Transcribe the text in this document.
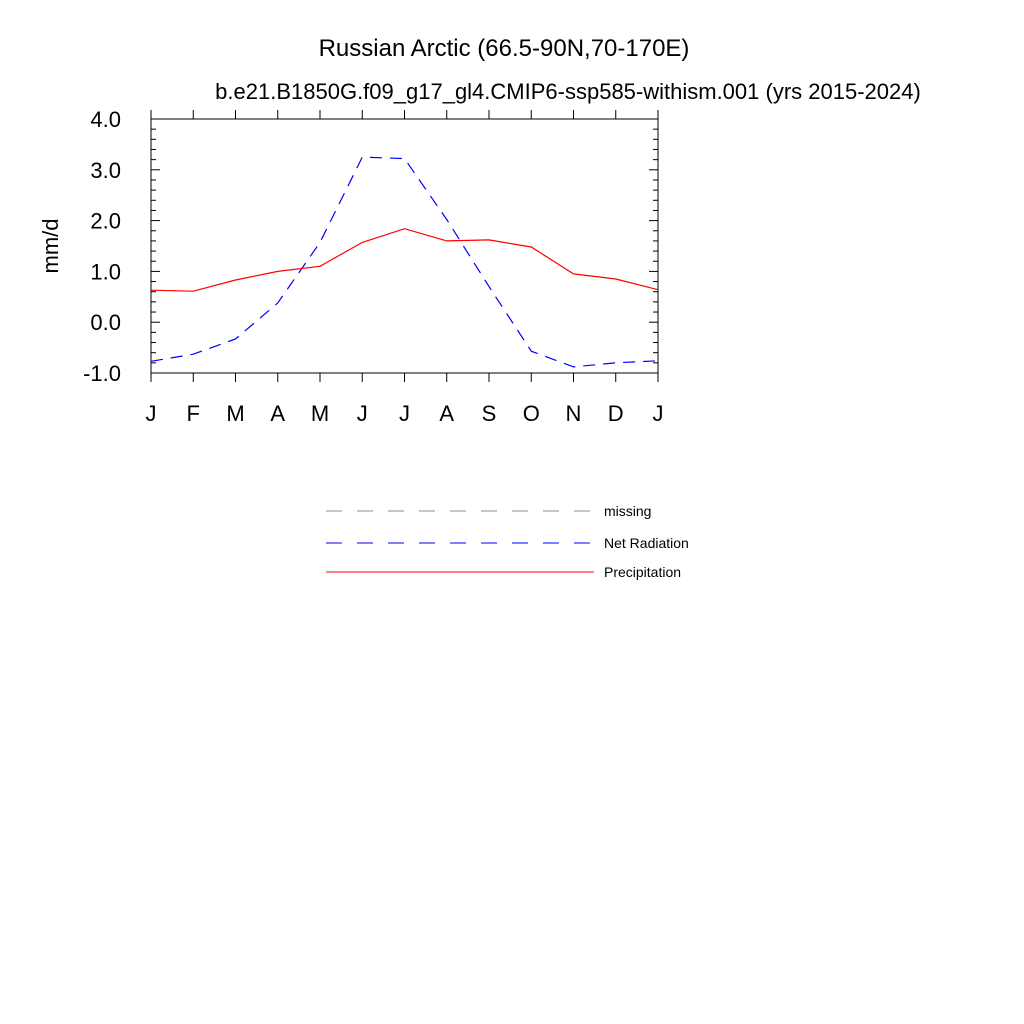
Russian Arctic (66.5-90N,70-170E)
b.e21.B1850G.f09_g17_gl4.CMIP6-ssp585-withism.001 (yrs 2015-2024)
mm/d
4.0
3.0
2.0
1.0
0.0
-1.0
J F M A M J J A S O N D J
missing
Net Radiation
Precipitation
